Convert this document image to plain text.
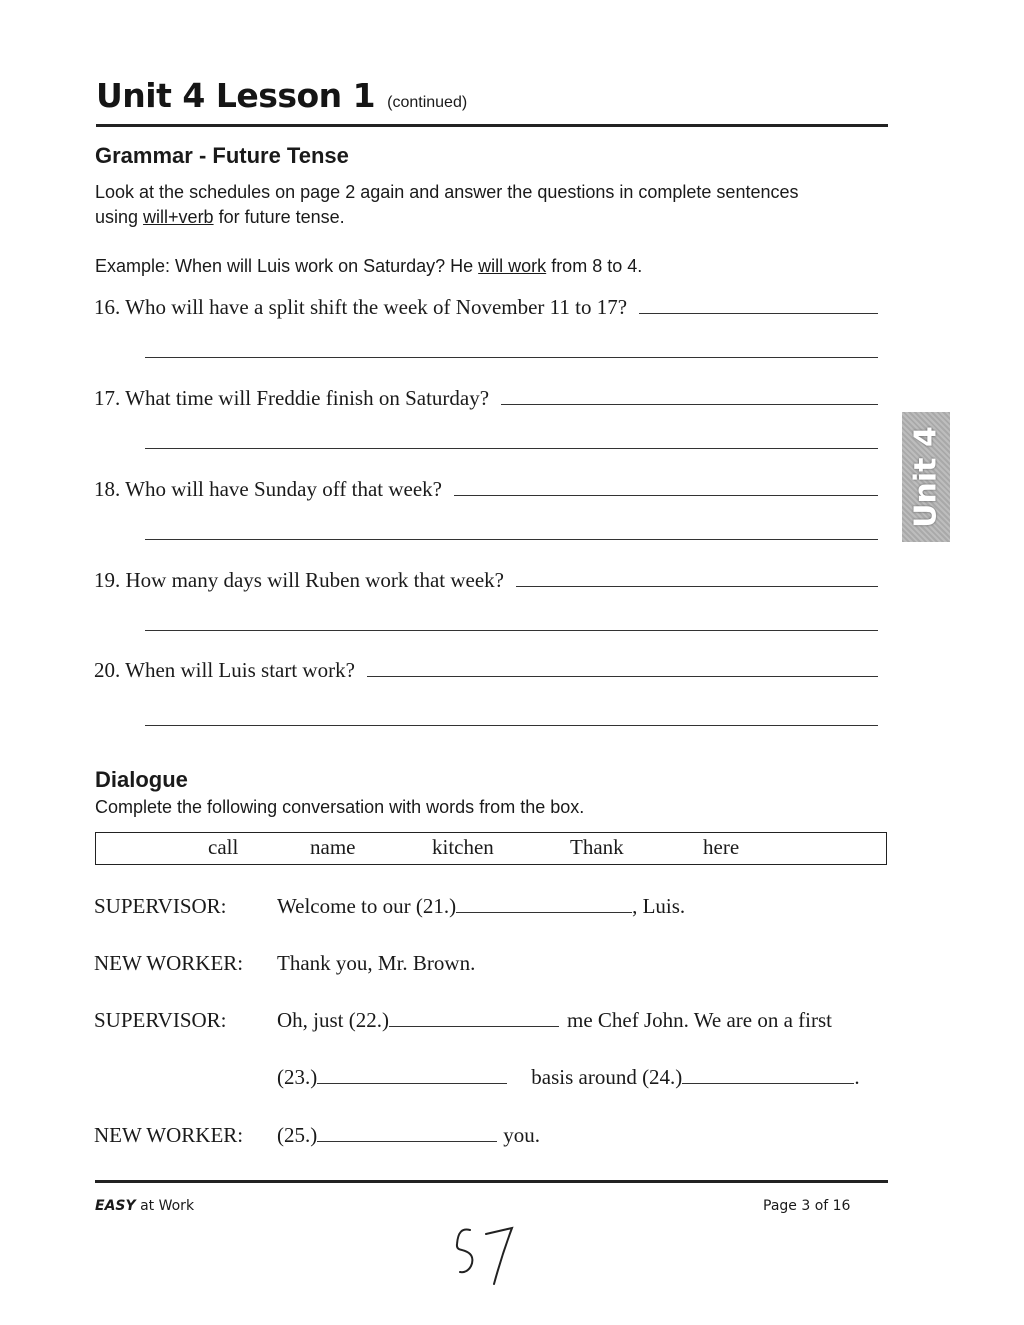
Unit 4 Lesson 1 (continued)
Grammar - Future Tense
Look at the schedules on page 2 again and answer the questions in complete sentences using will+verb for future tense.
Example: When will Luis work on Saturday? He will work from 8 to 4.
16. Who will have a split shift the week of November 11 to 17?
17. What time will Freddie finish on Saturday?
18. Who will have Sunday off that week?
19. How many days will Ruben work that week?
20. When will Luis start work?
Dialogue
Complete the following conversation with words from the box.
call	name	kitchen	Thank	here
SUPERVISOR: Welcome to our (21.)	, Luis.
NEW WORKER: Thank you, Mr. Brown.
SUPERVISOR: Oh, just (22.)	me Chef John. We are on a first
(23.)	basis around (24.)	.
NEW WORKER: (25.)	you.
Unit 4
EASY at Work	Page 3 of 16
